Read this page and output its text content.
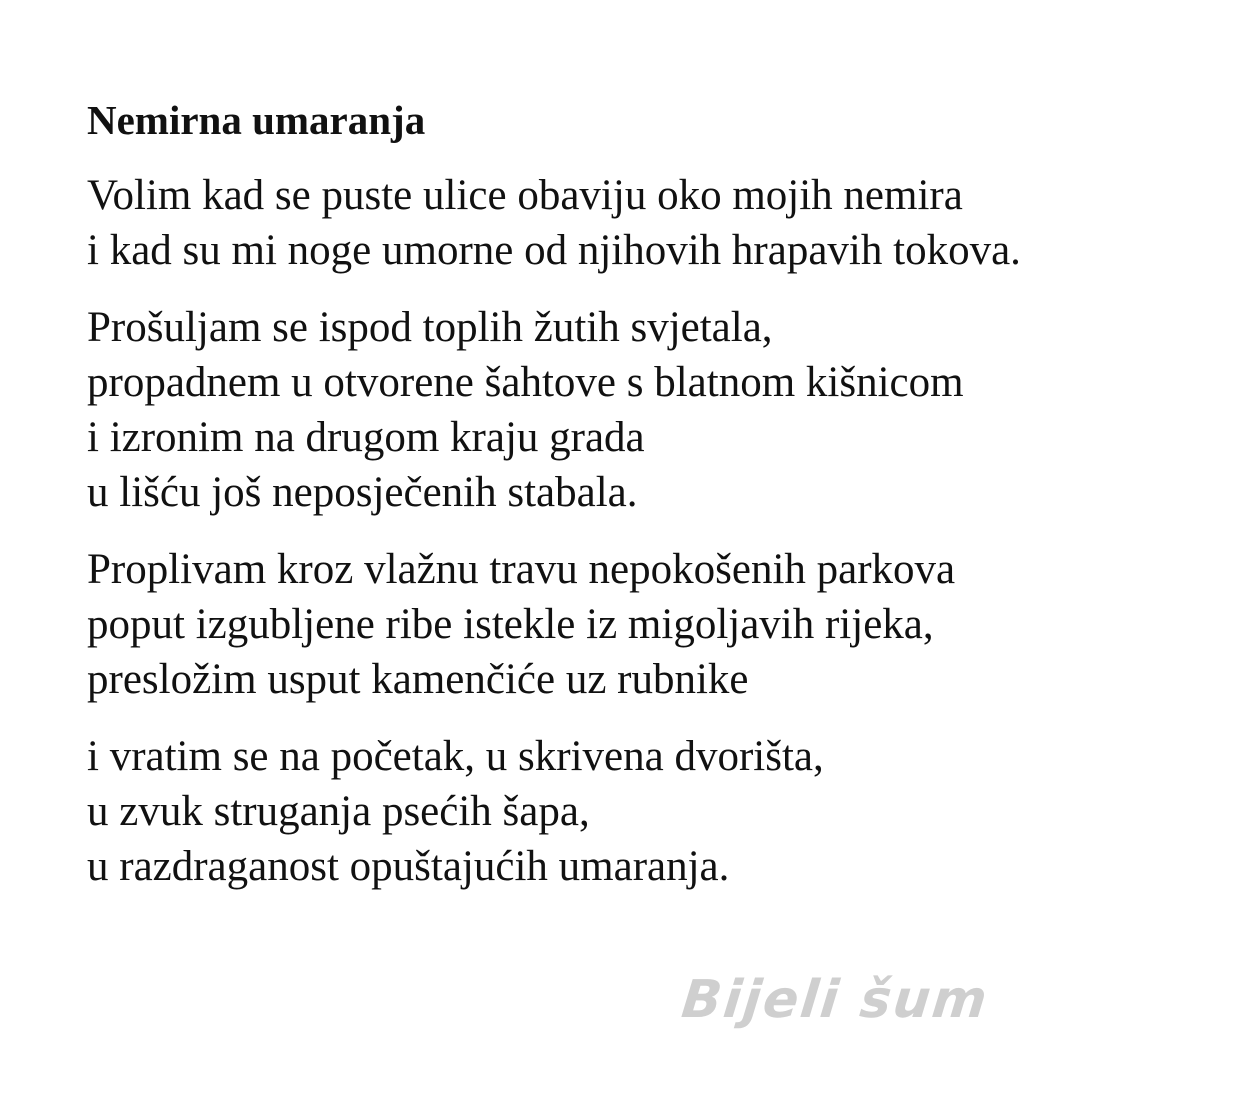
Nemirna umaranja

Volim kad se puste ulice obaviju oko mojih nemira
i kad su mi noge umorne od njihovih hrapavih tokova.

Prošuljam se ispod toplih žutih svjetala,
propadnem u otvorene šahtove s blatnom kišnicom
i izronim na drugom kraju grada
u lišću još neposječenih stabala.

Proplivam kroz vlažnu travu nepokošenih parkova
poput izgubljene ribe istekle iz migoljavih rijeka,
presložim usput kamenčiće uz rubnike

i vratim se na početak, u skrivena dvorišta,
u zvuk struganja psećih šapa,
u razdraganost opuštajućih umaranja.

Bijeli šum
